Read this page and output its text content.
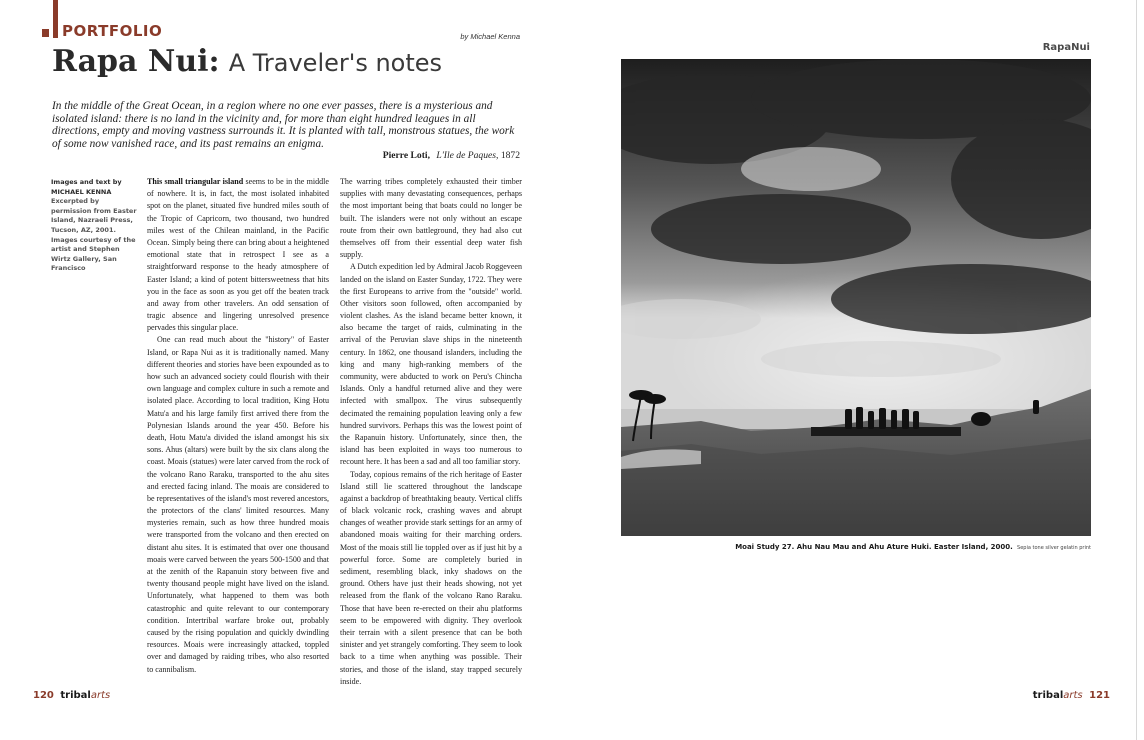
PORTFOLIO	by Michael Kenna
Rapa Nui: A Traveler's notes
In the middle of the Great Ocean, in a region where no one ever passes, there is a mysterious and isolated island: there is no land in the vicinity and, for more than eight hundred leagues in all directions, empty and moving vastness surrounds it. It is planted with tall, monstrous statues, the work of some now vanished race, and its past remains an enigma.
Pierre Loti, L'Ile de Paques, 1872
Images and text by
MICHAEL KENNA
Excerpted by permission from Easter Island, Nazraeli Press, Tucson, AZ, 2001. Images courtesy of the artist and Stephen Wirtz Gallery, San Francisco

This small triangular island seems to be in the middle of nowhere. It is, in fact, the most isolated inhabited spot on the planet, situated five hundred miles south of the Tropic of Capricorn, two thousand, two hundred miles west of the Chilean mainland, in the Pacific Ocean. Simply being there can bring about a heightened emotional state that in retrospect I see as a straightforward response to the heady atmosphere of Easter Island; a kind of potent bittersweetness that hits you in the face as soon as you get off the beaten track and away from other travelers. An odd sensation of tragic absence and lingering unresolved presence pervades this singular place.

One can read much about the "history" of Easter Island, or Rapa Nui as it is traditionally named. Many different theories and stories have been expounded as to how such an advanced society could flourish with their own language and complex culture in such a remote and isolated place. According to local tradition, King Hotu Matu'a and his large family first arrived there from the Polynesian Islands around the year 450. Before his death, Hotu Matu'a divided the island amongst his six sons. Ahus (altars) were built by the six clans along the coast. Moais (statues) were later carved from the rock of the volcano Rano Raraku, transported to the ahu sites and erected facing inland. The moais are considered to be representatives of the island's most revered ancestors, the protectors of the clans' limited resources. Many mysteries remain, such as how three hundred moais were transported from the volcano and then erected on distant ahu sites. It is estimated that over one thousand moais were carved between the years 500-1500 and that at the zenith of the Rapanuin story between five and twenty thousand people might have lived on the island. Unfortunately, what happened to them was both catastrophic and quite relevant to our contemporary condition. Intertribal warfare broke out, probably caused by the rising population and quickly dwindling resources. Moais were increasingly attacked, toppled over and damaged by raiding tribes, who also resorted to cannibalism.

The warring tribes completely exhausted their timber supplies with many devastating consequences, perhaps the most important being that boats could no longer be built. The islanders were not only without an escape route from their own battleground, they had also cut themselves off from their essential deep water fish supply.

A Dutch expedition led by Admiral Jacob Roggeveen landed on the island on Easter Sunday, 1722. They were the first Europeans to arrive from the "outside" world. Other visitors soon followed, often accompanied by violent clashes. As the island became better known, it also became the target of raids, culminating in the arrival of the Peruvian slave ships in the nineteenth century. In 1862, one thousand islanders, including the king and many high-ranking members of the community, were abducted to work on Peru's Chincha Islands. Only a handful returned alive and they were infected with smallpox. The virus subsequently decimated the remaining population leaving only a few hundred survivors. Perhaps this was the lowest point of the Rapanuin history. Unfortunately, since then, the island has been exploited in ways too numerous to recount here. It has been a sad and all too familiar story.

Today, copious remains of the rich heritage of Easter Island still lie scattered throughout the landscape against a backdrop of breathtaking beauty. Vertical cliffs of black volcanic rock, crashing waves and abrupt changes of weather provide stark settings for an army of abandoned moais waiting for their marching orders. Most of the moais still lie toppled over as if just hit by a powerful force. Some are completely buried in sediment, resembling black, inky shadows on the ground. Others have just their heads showing, not yet released from the flank of the volcano Rano Raraku. Those that have been re-erected on their ahu platforms seem to be empowered with dignity. They overlook their terrain with a silent presence that can be both sinister and yet strangely comforting. They seem to look back to a time when anything was possible. Their stories, and those of the island, stay trapped securely inside.

120 tribalarts
RapaNui
Moai Study 27. Ahu Nau Mau and Ahu Ature Huki. Easter Island, 2000. Sepia tone silver gelatin print
tribalarts 121
